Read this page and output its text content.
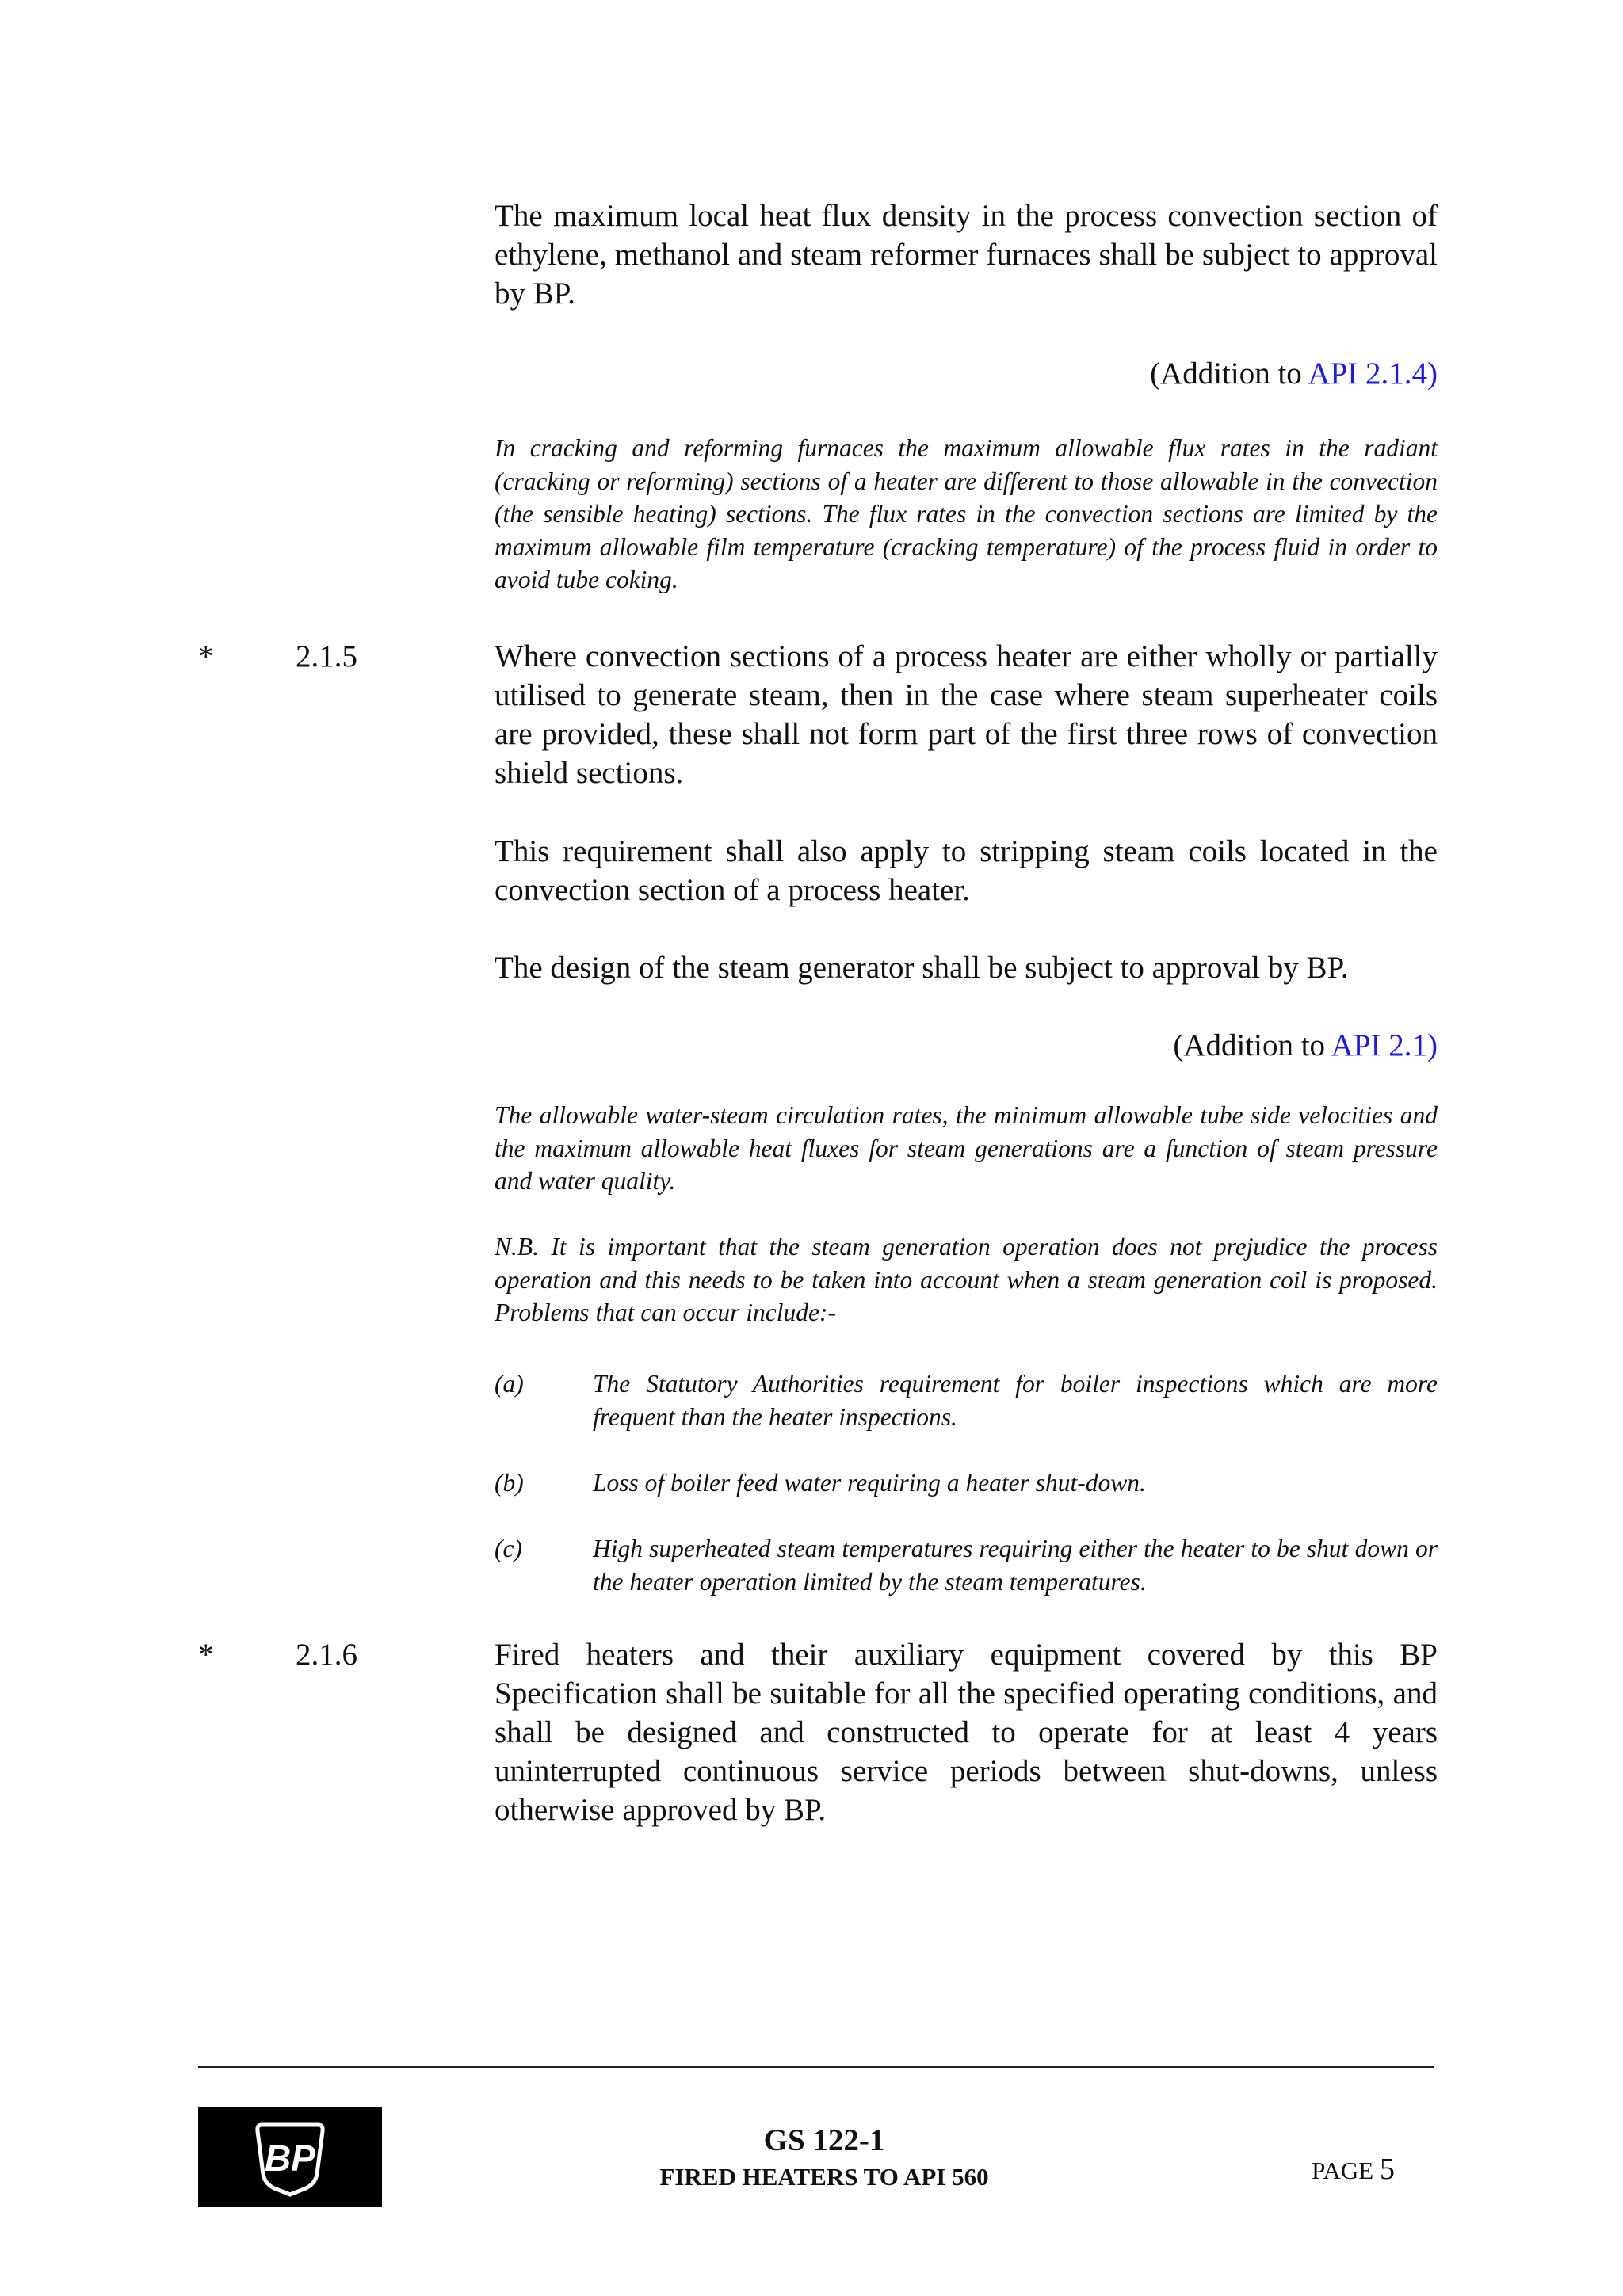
The maximum local heat flux density in the process convection section of ethylene, methanol and steam reformer furnaces shall be subject to approval by BP.

(Addition to API 2.1.4)

In cracking and reforming furnaces the maximum allowable flux rates in the radiant (cracking or reforming) sections of a heater are different to those allowable in the convection (the sensible heating) sections. The flux rates in the convection sections are limited by the maximum allowable film temperature (cracking temperature) of the process fluid in order to avoid tube coking.

*	2.1.5	Where convection sections of a process heater are either wholly or partially utilised to generate steam, then in the case where steam superheater coils are provided, these shall not form part of the first three rows of convection shield sections.

This requirement shall also apply to stripping steam coils located in the convection section of a process heater.

The design of the steam generator shall be subject to approval by BP.

(Addition to API 2.1)

The allowable water-steam circulation rates, the minimum allowable tube side velocities and the maximum allowable heat fluxes for steam generations are a function of steam pressure and water quality.

N.B. It is important that the steam generation operation does not prejudice the process operation and this needs to be taken into account when a steam generation coil is proposed. Problems that can occur include:-

(a)	The Statutory Authorities requirement for boiler inspections which are more frequent than the heater inspections.
(b)	Loss of boiler feed water requiring a heater shut-down.
(c)	High superheated steam temperatures requiring either the heater to be shut down or the heater operation limited by the steam temperatures.
*	2.1.6	Fired heaters and their auxiliary equipment covered by this BP Specification shall be suitable for all the specified operating conditions, and shall be designed and constructed to operate for at least 4 years uninterrupted continuous service periods between shut-downs, unless otherwise approved by BP.

BP	GS 122-1
FIRED HEATERS TO API 560	PAGE 5
